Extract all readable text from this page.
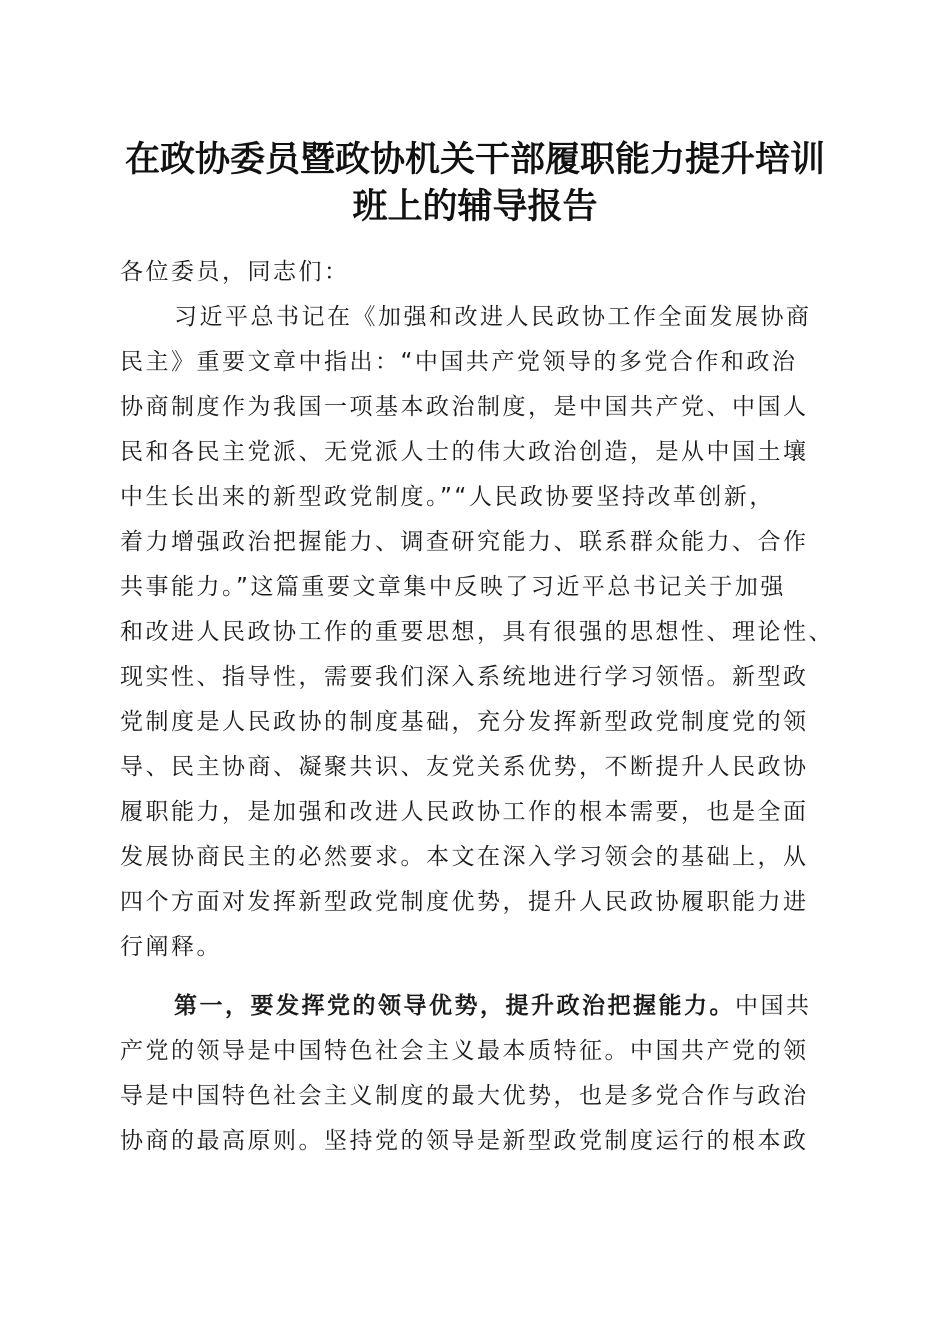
在政协委员暨政协机关干部履职能力提升培训
班上的辅导报告
各位委员，同志们：
习近平总书记在《加强和改进人民政协工作全面发展协商
民主》重要文章中指出：“中国共产党领导的多党合作和政治
协商制度作为我国一项基本政治制度，是中国共产党、中国人
民和各民主党派、无党派人士的伟大政治创造，是从中国土壤
中生长出来的新型政党制度。”“人民政协要坚持改革创新，
着力增强政治把握能力、调查研究能力、联系群众能力、合作
共事能力。”这篇重要文章集中反映了习近平总书记关于加强
和改进人民政协工作的重要思想，具有很强的思想性、理论性、
现实性、指导性，需要我们深入系统地进行学习领悟。新型政
党制度是人民政协的制度基础，充分发挥新型政党制度党的领
导、民主协商、凝聚共识、友党关系优势，不断提升人民政协
履职能力，是加强和改进人民政协工作的根本需要，也是全面
发展协商民主的必然要求。本文在深入学习领会的基础上，从
四个方面对发挥新型政党制度优势，提升人民政协履职能力进
行阐释。
第一，要发挥党的领导优势，提升政治把握能力。中国共
产党的领导是中国特色社会主义最本质特征。中国共产党的领
导是中国特色社会主义制度的最大优势，也是多党合作与政治
协商的最高原则。坚持党的领导是新型政党制度运行的根本政
